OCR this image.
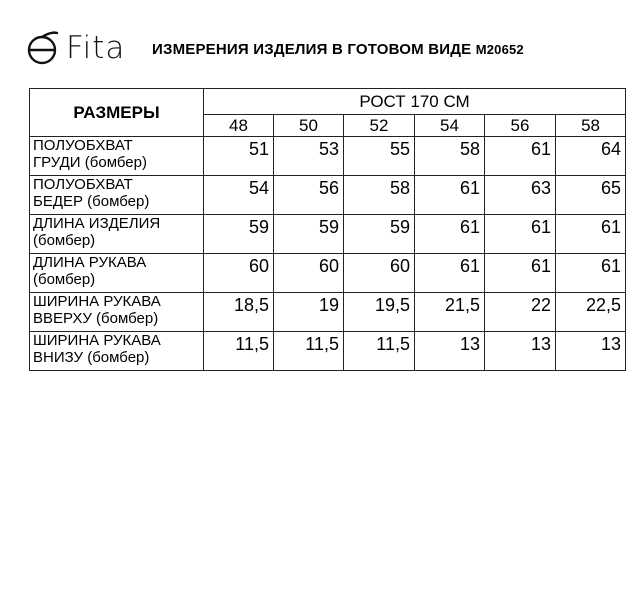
Fita ИЗМЕРЕНИЯ ИЗДЕЛИЯ В ГОТОВОМ ВИДЕ М20652
РАЗМЕРЫ	РОСТ 170 СМ					
	48	50	52	54	56	58
ПОЛУОБХВАТ
ГРУДИ (бомбер)	51	53	55	58	61	64
ПОЛУОБХВАТ
БЕДЕР (бомбер)	54	56	58	61	63	65
ДЛИНА ИЗДЕЛИЯ
(бомбер)	59	59	59	61	61	61
ДЛИНА РУКАВА
(бомбер)	60	60	60	61	61	61
ШИРИНА РУКАВА
ВВЕРХУ (бомбер)	18,5	19	19,5	21,5	22	22,5
ШИРИНА РУКАВА
ВНИЗУ (бомбер)	11,5	11,5	11,5	13	13	13
